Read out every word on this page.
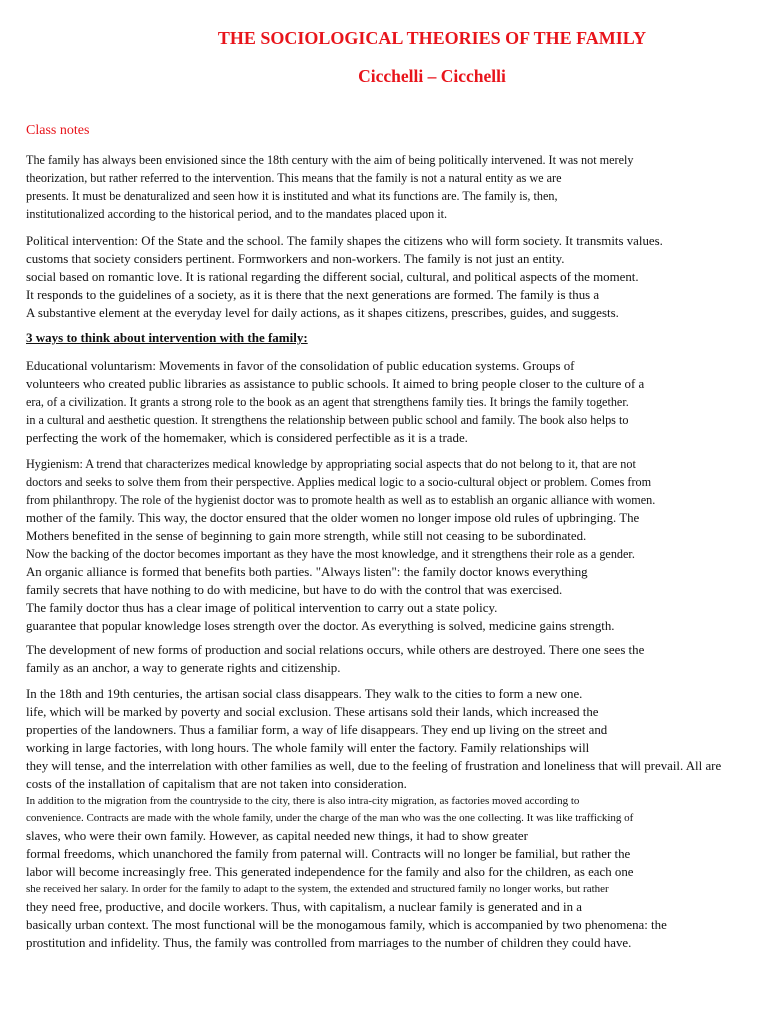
THE SOCIOLOGICAL THEORIES OF THE FAMILY
Cicchelli – Cicchelli
Class notes
The family has always been envisioned since the 18th century with the aim of being politically intervened. It was not merely
theorization, but rather referred to the intervention. This means that the family is not a natural entity as we are
presents. It must be denaturalized and seen how it is instituted and what its functions are. The family is, then,
institutionalized according to the historical period, and to the mandates placed upon it.
Political intervention: Of the State and the school. The family shapes the citizens who will form society. It transmits values.
customs that society considers pertinent. Formworkers and non-workers. The family is not just an entity.
social based on romantic love. It is rational regarding the different social, cultural, and political aspects of the moment.
It responds to the guidelines of a society, as it is there that the next generations are formed. The family is thus a
A substantive element at the everyday level for daily actions, as it shapes citizens, prescribes, guides, and suggests.
3 ways to think about intervention with the family:
Educational voluntarism: Movements in favor of the consolidation of public education systems. Groups of
volunteers who created public libraries as assistance to public schools. It aimed to bring people closer to the culture of a
era, of a civilization. It grants a strong role to the book as an agent that strengthens family ties. It brings the family together.
in a cultural and aesthetic question. It strengthens the relationship between public school and family. The book also helps to
perfecting the work of the homemaker, which is considered perfectible as it is a trade.
Hygienism: A trend that characterizes medical knowledge by appropriating social aspects that do not belong to it, that are not
doctors and seeks to solve them from their perspective. Applies medical logic to a socio-cultural object or problem. Comes from
from philanthropy. The role of the hygienist doctor was to promote health as well as to establish an organic alliance with women.
mother of the family. This way, the doctor ensured that the older women no longer impose old rules of upbringing. The
Mothers benefited in the sense of beginning to gain more strength, while still not ceasing to be subordinated.
Now the backing of the doctor becomes important as they have the most knowledge, and it strengthens their role as a gender.
An organic alliance is formed that benefits both parties. "Always listen": the family doctor knows everything
family secrets that have nothing to do with medicine, but have to do with the control that was exercised.
The family doctor thus has a clear image of political intervention to carry out a state policy.
guarantee that popular knowledge loses strength over the doctor. As everything is solved, medicine gains strength.
The development of new forms of production and social relations occurs, while others are destroyed. There one sees the
family as an anchor, a way to generate rights and citizenship.
In the 18th and 19th centuries, the artisan social class disappears. They walk to the cities to form a new one.
life, which will be marked by poverty and social exclusion. These artisans sold their lands, which increased the
properties of the landowners. Thus a familiar form, a way of life disappears. They end up living on the street and
working in large factories, with long hours. The whole family will enter the factory. Family relationships will
they will tense, and the interrelation with other families as well, due to the feeling of frustration and loneliness that will prevail. All are
costs of the installation of capitalism that are not taken into consideration.
In addition to the migration from the countryside to the city, there is also intra-city migration, as factories moved according to
convenience. Contracts are made with the whole family, under the charge of the man who was the one collecting. It was like trafficking of
slaves, who were their own family. However, as capital needed new things, it had to show greater
formal freedoms, which unanchored the family from paternal will. Contracts will no longer be familial, but rather the
labor will become increasingly free. This generated independence for the family and also for the children, as each one
she received her salary. In order for the family to adapt to the system, the extended and structured family no longer works, but rather
they need free, productive, and docile workers. Thus, with capitalism, a nuclear family is generated and in a
basically urban context. The most functional will be the monogamous family, which is accompanied by two phenomena: the
prostitution and infidelity. Thus, the family was controlled from marriages to the number of children they could have.
